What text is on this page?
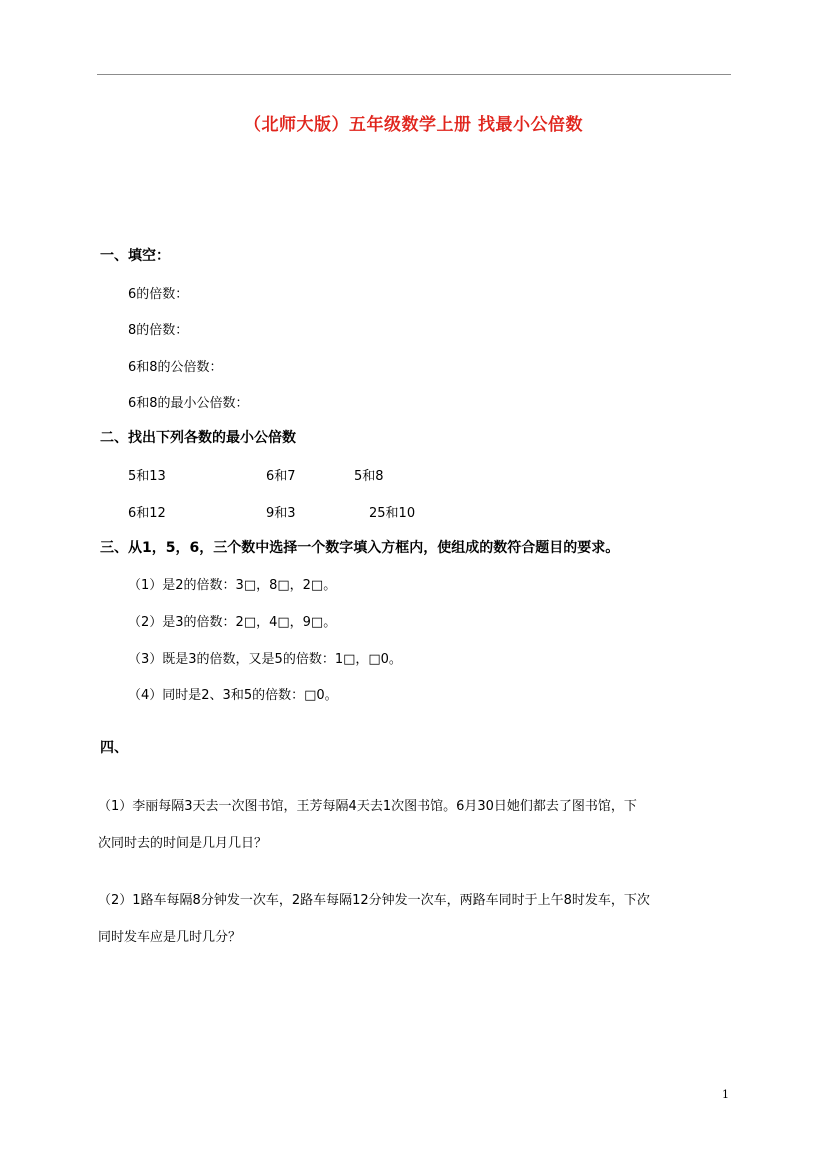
（北师大版）五年级数学上册 找最小公倍数
一、填空：
6的倍数：
8的倍数：
6和8的公倍数：
6和8的最小公倍数：
二、找出下列各数的最小公倍数
5和13	6和7	5和8
6和12	9和3	25和10
三、从1，5，6，三个数中选择一个数字填入方框内，使组成的数符合题目的要求。
（1）是2的倍数：3□，8□，2□。
（2）是3的倍数：2□，4□，9□。
（3）既是3的倍数，又是5的倍数：1□，□0。
（4）同时是2、3和5的倍数：□0。
四、
（1）李丽每隔3天去一次图书馆，王芳每隔4天去1次图书馆。6月30日她们都去了图书馆，下
次同时去的时间是几月几日？
（2）1路车每隔8分钟发一次车，2路车每隔12分钟发一次车，两路车同时于上午8时发车，下次
同时发车应是几时几分？
1
